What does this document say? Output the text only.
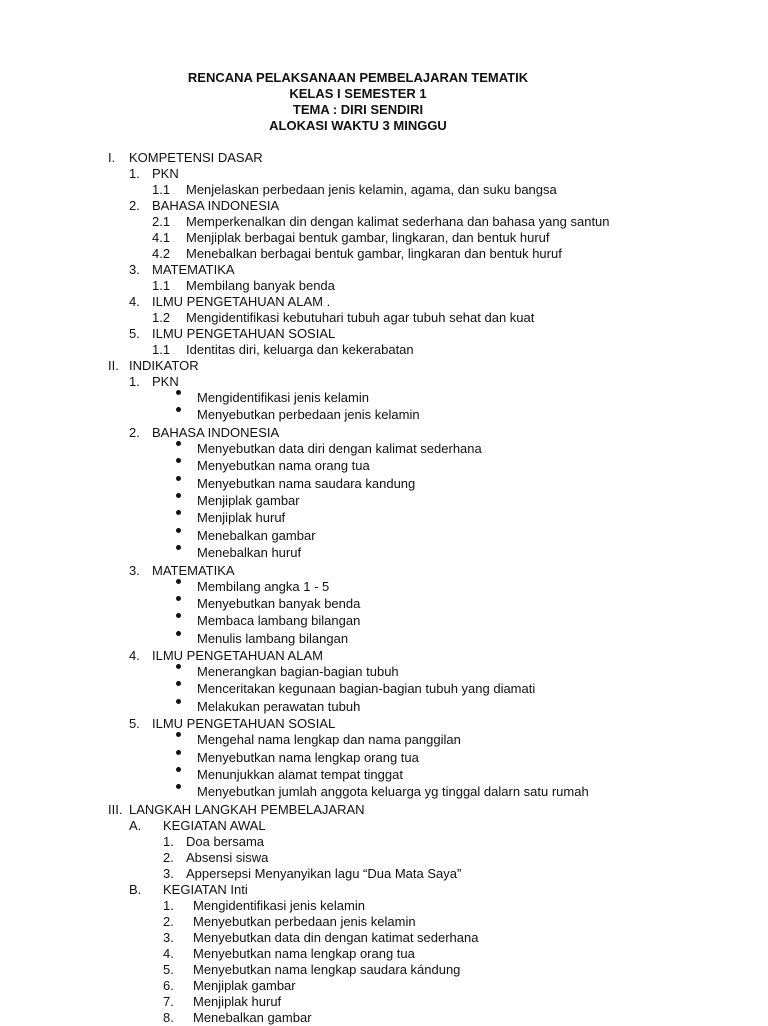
RENCANA PELAKSANAAN PEMBELAJARAN TEMATIK
KELAS I SEMESTER 1
TEMA : DIRI SENDIRI
ALOKASI WAKTU 3 MINGGU
I. KOMPETENSI DASAR
1. PKN
1.1 Menjelaskan perbedaan jenis kelamin, agama, dan suku bangsa
2. BAHASA INDONESIA
2.1 Memperkenalkan din dengan kalimat sederhana dan bahasa yang santun
4.1 Menjiplak berbagai bentuk gambar, lingkaran, dan bentuk huruf
4.2 Menebalkan berbagai bentuk gambar, lingkaran dan bentuk huruf
3. MATEMATIKA
1.1 Membilang banyak benda
4. ILMU PENGETAHUAN ALAM .
1.2 Mengidentifikasi kebutuhari tubuh agar tubuh sehat dan kuat
5. ILMU PENGETAHUAN SOSIAL
1.1 Identitas diri, keluarga dan kekerabatan
II. INDIKATOR
1. PKN
Mengidentifikasi jenis kelamin
Menyebutkan perbedaan jenis kelamin
2. BAHASA INDONESIA
Menyebutkan data diri dengan kalimat sederhana
Menyebutkan nama orang tua
Menyebutkan nama saudara kandung
Menjiplak gambar
Menjiplak huruf
Menebalkan gambar
Menebalkan huruf
3. MATEMATIKA
Membilang angka 1 - 5
Menyebutkan banyak benda
Membaca lambang bilangan
Menulis lambang bilangan
4. ILMU PENGETAHUAN ALAM
Menerangkan bagian-bagian tubuh
Menceritakan kegunaan bagian-bagian tubuh yang diamati
Melakukan perawatan tubuh
5. ILMU PENGETAHUAN SOSIAL
Mengehal nama lengkap dan nama panggilan
Menyebutkan nama lengkap orang tua
Menunjukkan alamat tempat tinggat
Menyebutkan jumlah anggota keluarga yg tinggal dalarn satu rumah
III. LANGKAH LANGKAH PEMBELAJARAN
A. KEGIATAN AWAL
1. Doa bersama
2. Absensi siswa
3. Appersepsi Menyanyikan lagu “Dua Mata Saya”
B. KEGIATAN Inti
1. Mengidentifikasi jenis kelamin
2. Menyebutkan perbedaan jenis kelamin
3. Menyebutkan data din dengan katimat sederhana
4. Menyebutkan nama lengkap orang tua
5. Menyebutkan nama lengkap saudara kándung
6. Menjiplak gambar
7. Menjiplak huruf
8. Menebalkan gambar
